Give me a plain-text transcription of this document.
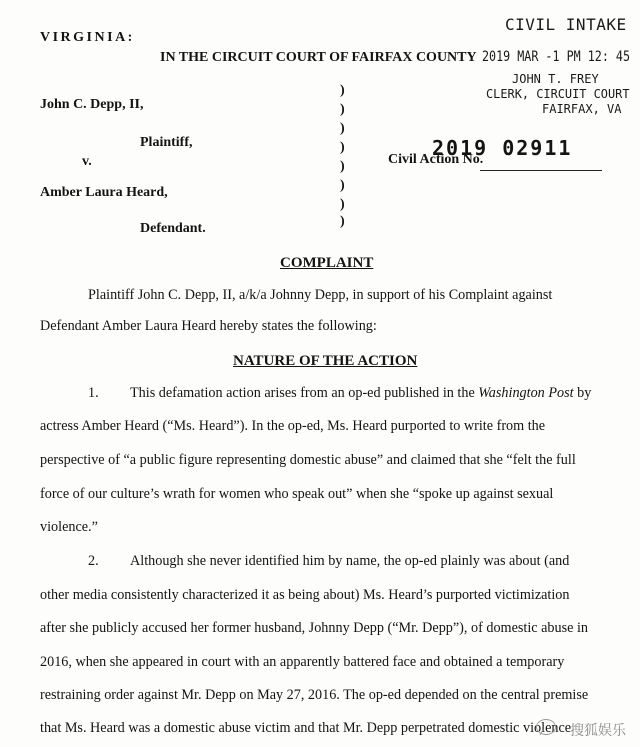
VIRGINIA:
IN THE CIRCUIT COURT OF FAIRFAX COUNTY
CIVIL INTAKE
2019 MAR -1 PM 12: 45
JOHN T. FREY
CLERK, CIRCUIT COURT
FAIRFAX, VA
John C. Depp, II,
Plaintiff,
v.
Amber Laura Heard,
Defendant.
)
)
)
)
)
)
)
)
Civil Action No.
2019 02911
COMPLAINT
Plaintiff John C. Depp, II, a/k/a Johnny Depp, in support of his Complaint against
Defendant Amber Laura Heard hereby states the following:
NATURE OF THE ACTION
1. This defamation action arises from an op-ed published in the Washington Post by
actress Amber Heard (“Ms. Heard”). In the op-ed, Ms. Heard purported to write from the
perspective of “a public figure representing domestic abuse” and claimed that she “felt the full
force of our culture’s wrath for women who speak out” when she “spoke up against sexual
violence.”
2. Although she never identified him by name, the op-ed plainly was about (and
other media consistently characterized it as being about) Ms. Heard’s purported victimization
after she publicly accused her former husband, Johnny Depp (“Mr. Depp”), of domestic abuse in
2016, when she appeared in court with an apparently battered face and obtained a temporary
restraining order against Mr. Depp on May 27, 2016. The op-ed depended on the central premise
that Ms. Heard was a domestic abuse victim and that Mr. Depp perpetrated domestic violence
搜狐娱乐
